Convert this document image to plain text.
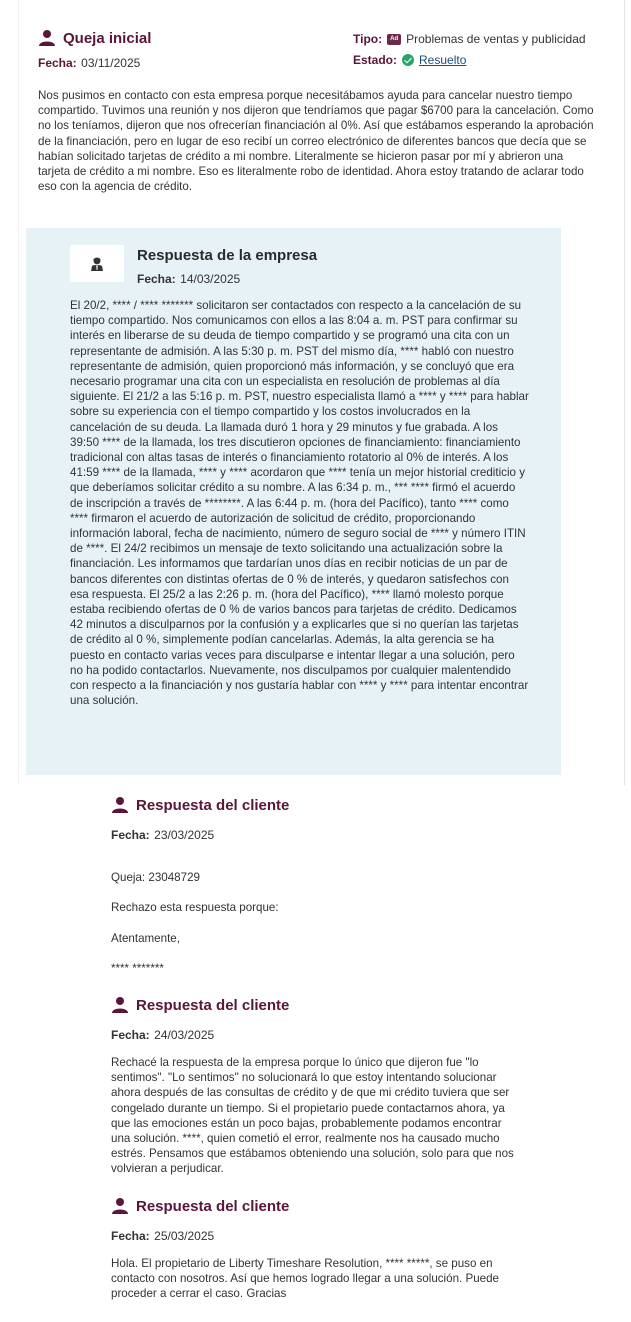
Queja inicial
Fecha: 03/11/2025
Tipo:	Ad Problemas de ventas y publicidad
Estado: Resuelto
Nos pusimos en contacto con esta empresa porque necesitábamos ayuda para cancelar nuestro tiempo compartido. Tuvimos una reunión y nos dijeron que tendríamos que pagar $6700 para la cancelación. Como no los teníamos, dijeron que nos ofrecerían financiación al 0%. Así que estábamos esperando la aprobación de la financiación, pero en lugar de eso recibí un correo electrónico de diferentes bancos que decía que se habían solicitado tarjetas de crédito a mi nombre. Literalmente se hicieron pasar por mí y abrieron una tarjeta de crédito a mi nombre. Eso es literalmente robo de identidad. Ahora estoy tratando de aclarar todo eso con la agencia de crédito.
Respuesta de la empresa
Fecha: 14/03/2025
El 20/2, **** / **** ******* solicitaron ser contactados con respecto a la cancelación de su tiempo compartido. Nos comunicamos con ellos a las 8:04 a. m. PST para confirmar su interés en liberarse de su deuda de tiempo compartido y se programó una cita con un representante de admisión. A las 5:30 p. m. PST del mismo día, **** habló con nuestro representante de admisión, quien proporcionó más información, y se concluyó que era necesario programar una cita con un especialista en resolución de problemas al día siguiente. El 21/2 a las 5:16 p. m. PST, nuestro especialista llamó a **** y **** para hablar sobre su experiencia con el tiempo compartido y los costos involucrados en la cancelación de su deuda. La llamada duró 1 hora y 29 minutos y fue grabada. A los 39:50 **** de la llamada, los tres discutieron opciones de financiamiento: financiamiento tradicional con altas tasas de interés o financiamiento rotatorio al 0% de interés. A los 41:59 **** de la llamada, **** y **** acordaron que **** tenía un mejor historial crediticio y que deberíamos solicitar crédito a su nombre. A las 6:34 p. m., *** **** firmó el acuerdo de inscripción a través de ********. A las 6:44 p. m. (hora del Pacífico), tanto **** como **** firmaron el acuerdo de autorización de solicitud de crédito, proporcionando información laboral, fecha de nacimiento, número de seguro social de **** y número ITIN de ****. El 24/2 recibimos un mensaje de texto solicitando una actualización sobre la financiación. Les informamos que tardarían unos días en recibir noticias de un par de bancos diferentes con distintas ofertas de 0 % de interés, y quedaron satisfechos con esa respuesta. El 25/2 a las 2:26 p. m. (hora del Pacífico), **** llamó molesto porque estaba recibiendo ofertas de 0 % de varios bancos para tarjetas de crédito. Dedicamos 42 minutos a disculparnos por la confusión y a explicarles que si no querían las tarjetas de crédito al 0 %, simplemente podían cancelarlas. Además, la alta gerencia se ha puesto en contacto varias veces para disculparse e intentar llegar a una solución, pero no ha podido contactarlos. Nuevamente, nos disculpamos por cualquier malentendido con respecto a la financiación y nos gustaría hablar con **** y **** para intentar encontrar una solución.
Respuesta del cliente
Fecha: 23/03/2025
Queja: 23048729

Rechazo esta respuesta porque:

Atentamente,

**** *******
Respuesta del cliente
Fecha: 24/03/2025
Rechacé la respuesta de la empresa porque lo único que dijeron fue "lo sentimos". "Lo sentimos" no solucionará lo que estoy intentando solucionar ahora después de las consultas de crédito y de que mi crédito tuviera que ser congelado durante un tiempo. Si el propietario puede contactarnos ahora, ya que las emociones están un poco bajas, probablemente podamos encontrar una solución. ****, quien cometió el error, realmente nos ha causado mucho estrés. Pensamos que estábamos obteniendo una solución, solo para que nos volvieran a perjudicar.
Respuesta del cliente
Fecha: 25/03/2025
Hola. El propietario de Liberty Timeshare Resolution, **** *****, se puso en contacto con nosotros. Así que hemos logrado llegar a una solución. Puede proceder a cerrar el caso. Gracias
